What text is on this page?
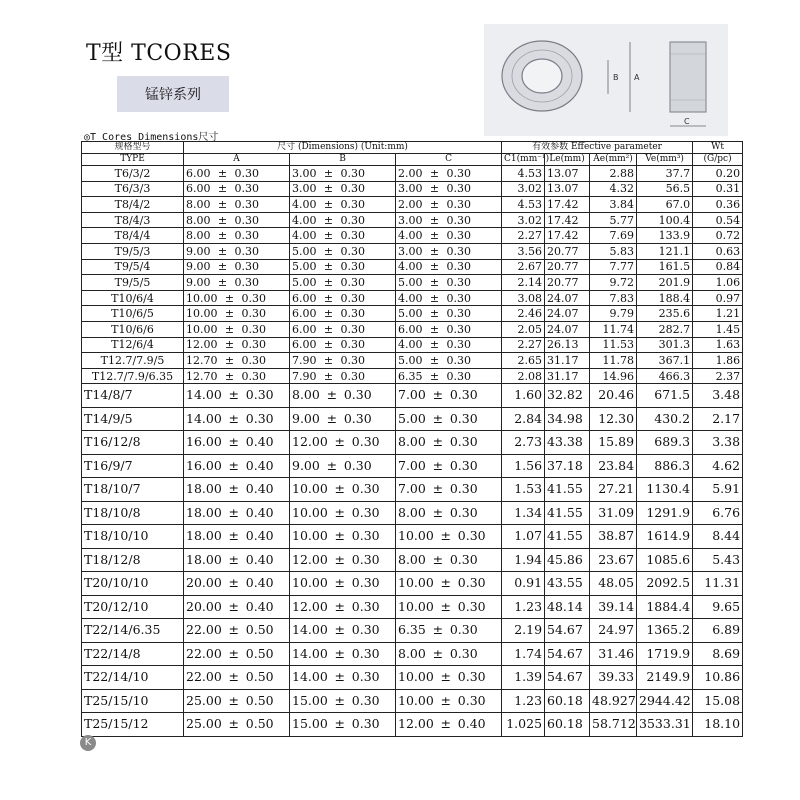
T型 TCORES
锰锌系列
B A
C
◎T Cores Dimensions尺寸
规格型号	尺寸 (Dimensions) (Unit:mm)			有效参数 Effective parameter				Wt
TYPE	A	B	C	C1(mm⁻¹)	Le(mm)	Ae(mm²)	Ve(mm³)	(G/pc)
T6/3/2	6.00 ± 0.30	3.00 ± 0.30	2.00 ± 0.30	4.53	13.07	2.88	37.7	0.20
T6/3/3	6.00 ± 0.30	3.00 ± 0.30	3.00 ± 0.30	3.02	13.07	4.32	56.5	0.31
T8/4/2	8.00 ± 0.30	4.00 ± 0.30	2.00 ± 0.30	4.53	17.42	3.84	67.0	0.36
T8/4/3	8.00 ± 0.30	4.00 ± 0.30	3.00 ± 0.30	3.02	17.42	5.77	100.4	0.54
T8/4/4	8.00 ± 0.30	4.00 ± 0.30	4.00 ± 0.30	2.27	17.42	7.69	133.9	0.72
T9/5/3	9.00 ± 0.30	5.00 ± 0.30	3.00 ± 0.30	3.56	20.77	5.83	121.1	0.63
T9/5/4	9.00 ± 0.30	5.00 ± 0.30	4.00 ± 0.30	2.67	20.77	7.77	161.5	0.84
T9/5/5	9.00 ± 0.30	5.00 ± 0.30	5.00 ± 0.30	2.14	20.77	9.72	201.9	1.06
T10/6/4	10.00 ± 0.30	6.00 ± 0.30	4.00 ± 0.30	3.08	24.07	7.83	188.4	0.97
T10/6/5	10.00 ± 0.30	6.00 ± 0.30	5.00 ± 0.30	2.46	24.07	9.79	235.6	1.21
T10/6/6	10.00 ± 0.30	6.00 ± 0.30	6.00 ± 0.30	2.05	24.07	11.74	282.7	1.45
T12/6/4	12.00 ± 0.30	6.00 ± 0.30	4.00 ± 0.30	2.27	26.13	11.53	301.3	1.63
T12.7/7.9/5	12.70 ± 0.30	7.90 ± 0.30	5.00 ± 0.30	2.65	31.17	11.78	367.1	1.86
T12.7/7.9/6.35	12.70 ± 0.30	7.90 ± 0.30	6.35 ± 0.30	2.08	31.17	14.96	466.3	2.37
T14/8/7	14.00 ± 0.30	8.00 ± 0.30	7.00 ± 0.30	1.60	32.82	20.46	671.5	3.48
T14/9/5	14.00 ± 0.30	9.00 ± 0.30	5.00 ± 0.30	2.84	34.98	12.30	430.2	2.17
T16/12/8	16.00 ± 0.40	12.00 ± 0.30	8.00 ± 0.30	2.73	43.38	15.89	689.3	3.38
T16/9/7	16.00 ± 0.40	9.00 ± 0.30	7.00 ± 0.30	1.56	37.18	23.84	886.3	4.62
T18/10/7	18.00 ± 0.40	10.00 ± 0.30	7.00 ± 0.30	1.53	41.55	27.21	1130.4	5.91
T18/10/8	18.00 ± 0.40	10.00 ± 0.30	8.00 ± 0.30	1.34	41.55	31.09	1291.9	6.76
T18/10/10	18.00 ± 0.40	10.00 ± 0.30	10.00 ± 0.30	1.07	41.55	38.87	1614.9	8.44
T18/12/8	18.00 ± 0.40	12.00 ± 0.30	8.00 ± 0.30	1.94	45.86	23.67	1085.6	5.43
T20/10/10	20.00 ± 0.40	10.00 ± 0.30	10.00 ± 0.30	0.91	43.55	48.05	2092.5	11.31
T20/12/10	20.00 ± 0.40	12.00 ± 0.30	10.00 ± 0.30	1.23	48.14	39.14	1884.4	9.65
T22/14/6.35	22.00 ± 0.50	14.00 ± 0.30	6.35 ± 0.30	2.19	54.67	24.97	1365.2	6.89
T22/14/8	22.00 ± 0.50	14.00 ± 0.30	8.00 ± 0.30	1.74	54.67	31.46	1719.9	8.69
T22/14/10	22.00 ± 0.50	14.00 ± 0.30	10.00 ± 0.30	1.39	54.67	39.33	2149.9	10.86
T25/15/10	25.00 ± 0.50	15.00 ± 0.30	10.00 ± 0.30	1.23	60.18	48.927	2944.42	15.08
T25/15/12	25.00 ± 0.50	15.00 ± 0.30	12.00 ± 0.40	1.025	60.18	58.712	3533.31	18.10
K
